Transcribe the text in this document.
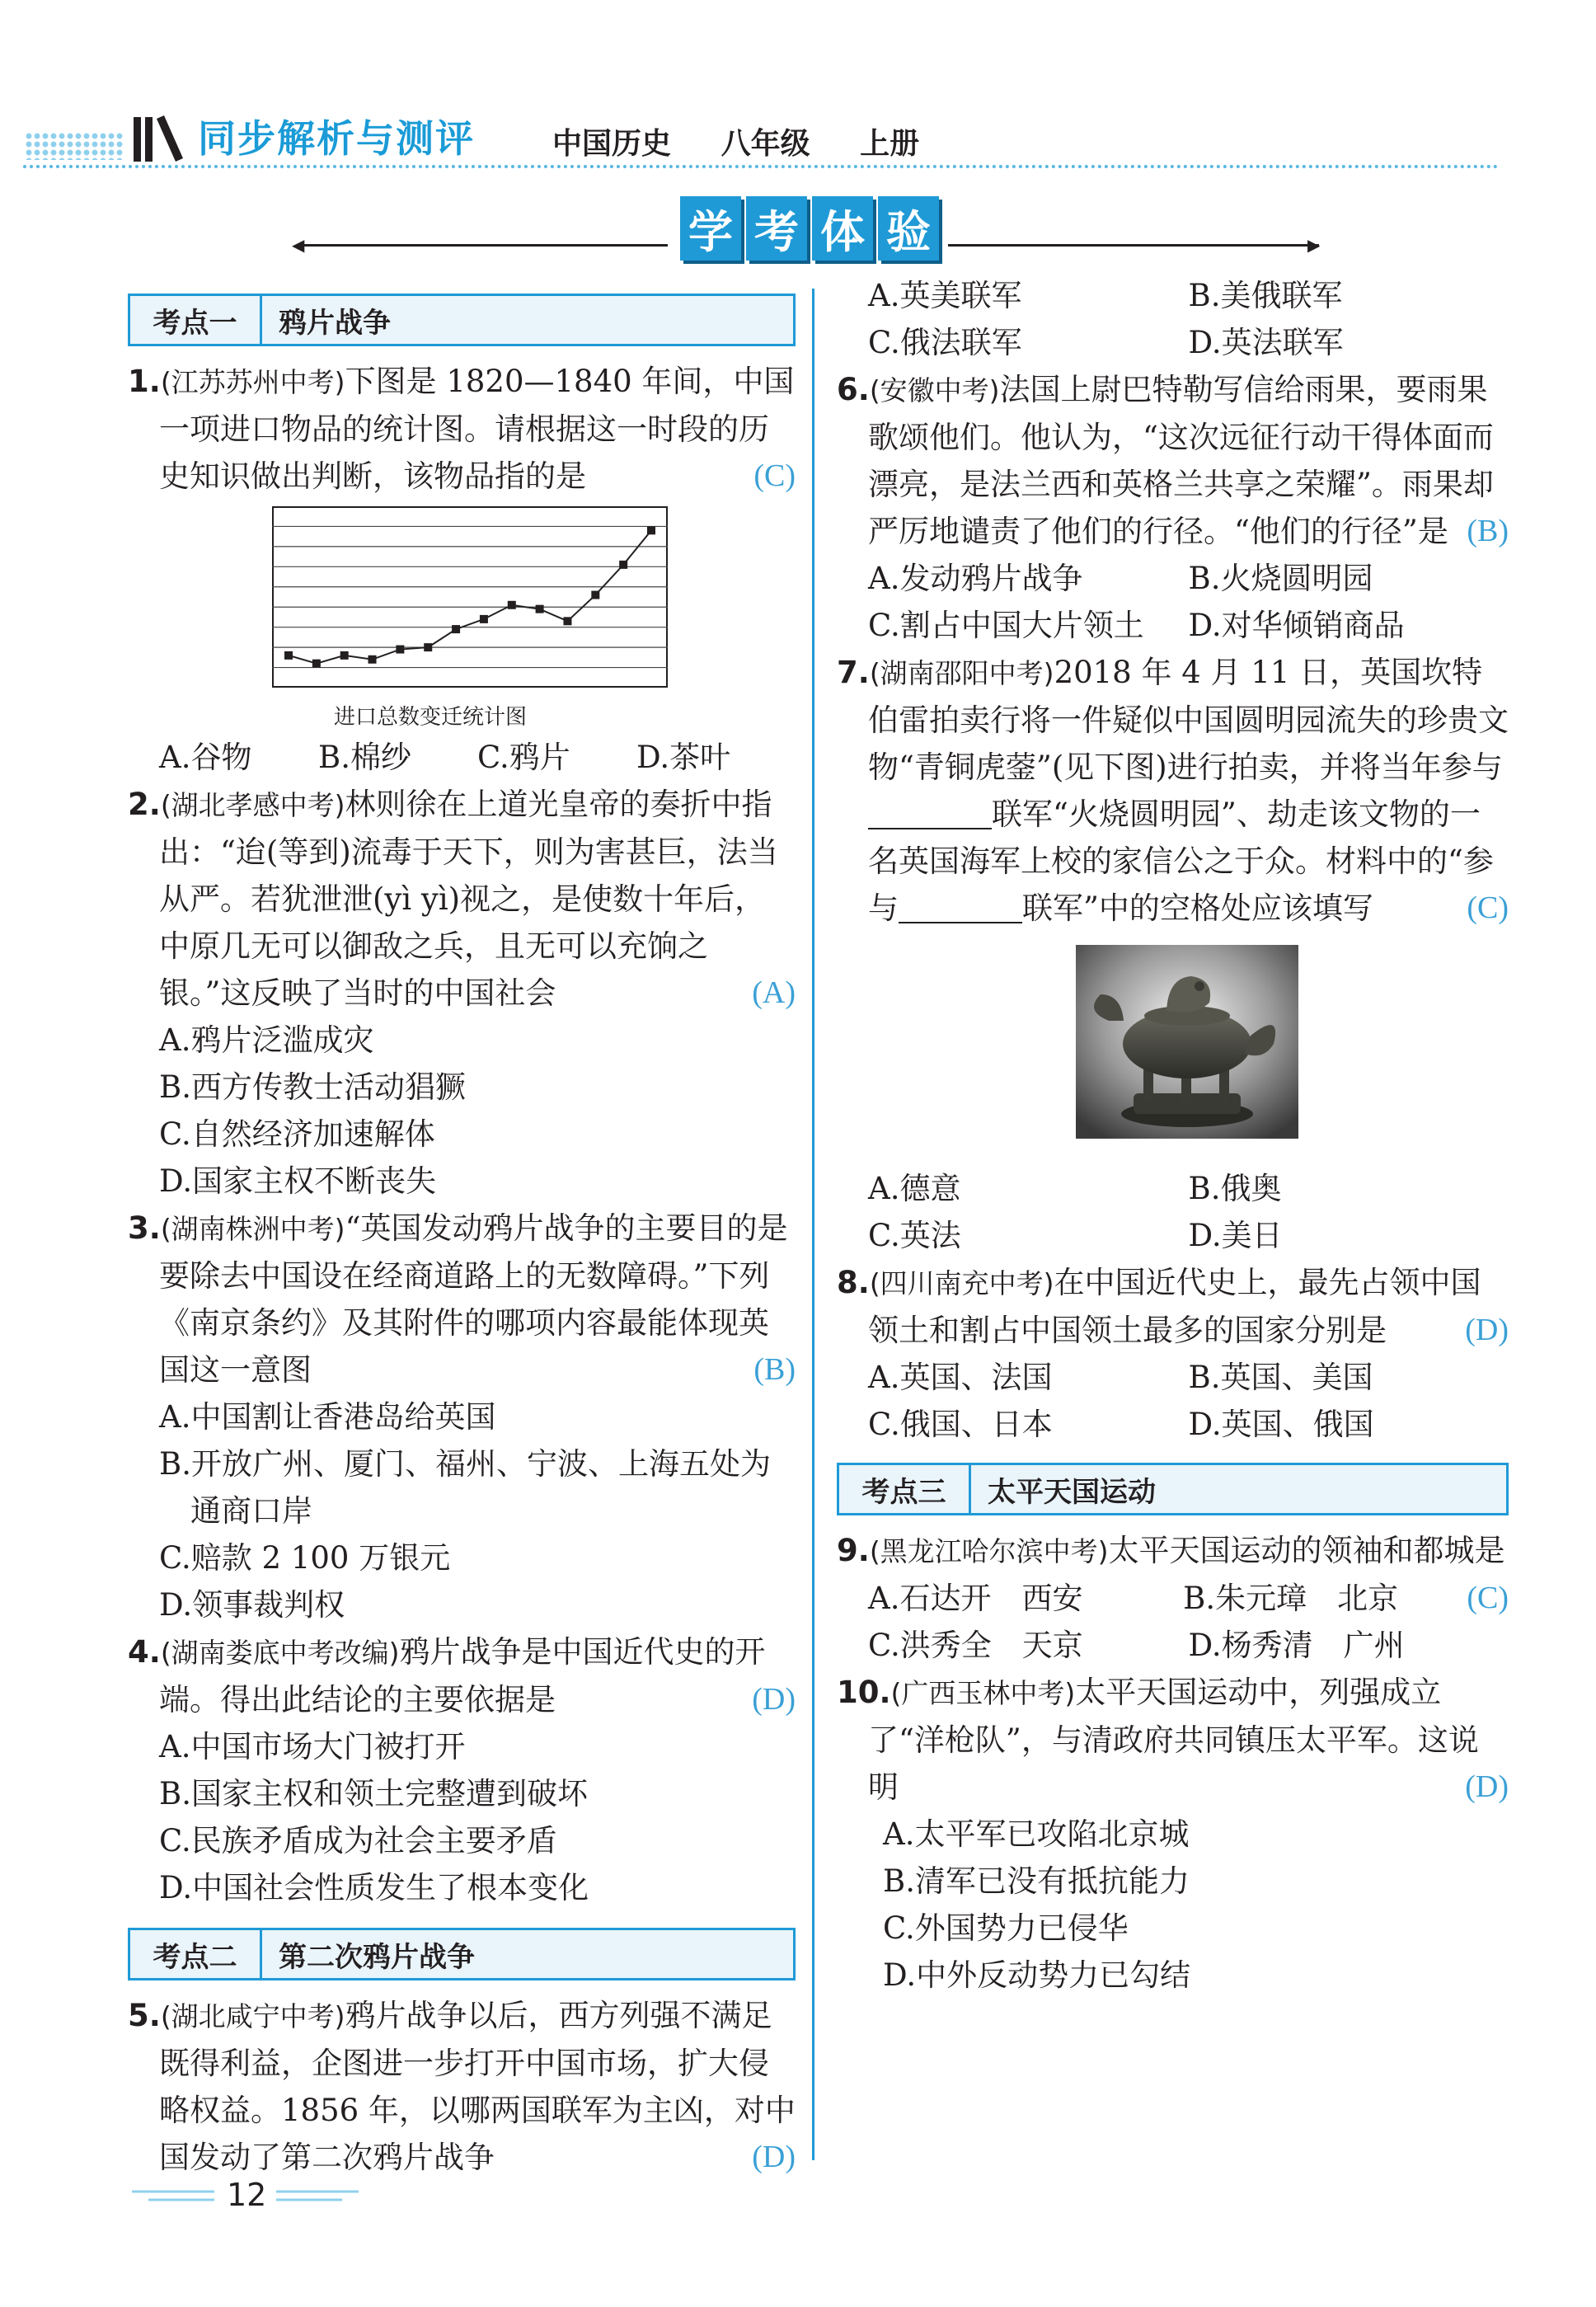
同步解析与测评	中国历史 八年级 上册
◀	学 考 体 验	▶
考点一	鸦片战争
1.(江苏苏州中考)下图是 1820—1840 年间，中国一项进口物品的统计图。请根据这一时段的历史知识做出判断，该物品指的是	(C)
进口总数变迁统计图
A.谷物	B.棉纱	C.鸦片	D.茶叶
2.(湖北孝感中考)林则徐在上道光皇帝的奏折中指出：“迨(等到)流毒于天下，则为害甚巨，法当从严。若犹泄泄(yì yì)视之，是使数十年后，中原几无可以御敌之兵，且无可以充饷之银。”这反映了当时的中国社会	(A)
A.鸦片泛滥成灾
B.西方传教士活动猖獗
C.自然经济加速解体
D.国家主权不断丧失
3.(湖南株洲中考)“英国发动鸦片战争的主要目的是要除去中国设在经商道路上的无数障碍。”下列《南京条约》及其附件的哪项内容最能体现英国这一意图	(B)
A.中国割让香港岛给英国
B.开放广州、厦门、福州、宁波、上海五处为通商口岸
C.赔款 2 100 万银元
D.领事裁判权
4.(湖南娄底中考改编)鸦片战争是中国近代史的开端。得出此结论的主要依据是	(D)
A.中国市场大门被打开
B.国家主权和领土完整遭到破坏
C.民族矛盾成为社会主要矛盾
D.中国社会性质发生了根本变化
考点二	第二次鸦片战争
5.(湖北咸宁中考)鸦片战争以后，西方列强不满足既得利益，企图进一步打开中国市场，扩大侵略权益。1856 年，以哪两国联军为主凶，对中国发动了第二次鸦片战争	(D)
A.英美联军	B.美俄联军
C.俄法联军	D.英法联军
6.(安徽中考)法国上尉巴特勒写信给雨果，要雨果歌颂他们。他认为，“这次远征行动干得体面而漂亮，是法兰西和英格兰共享之荣耀”。雨果却严厉地谴责了他们的行径。“他们的行径”是 (B)
A.发动鸦片战争	B.火烧圆明园
C.割占中国大片领土	D.对华倾销商品
7.(湖南邵阳中考)2018 年 4 月 11 日，英国坎特伯雷拍卖行将一件疑似中国圆明园流失的珍贵文物“青铜虎蓥”(见下图)进行拍卖，并将当年参与联军“火烧圆明园”、劫走该文物的一名英国海军上校的家信公之于众。材料中的“参与	联军”中的空格处应该填写	(C)
A.德意	B.俄奥
C.英法	D.美日
8.(四川南充中考)在中国近代史上，最先占领中国领土和割占中国领土最多的国家分别是	(D)
A.英国、法国	B.英国、美国
C.俄国、日本	D.英国、俄国
考点三	太平天国运动
9.(黑龙江哈尔滨中考)太平天国运动的领袖和都城是
(C)
A.石达开　西安	B.朱元璋　北京
C.洪秀全　天京	D.杨秀清　广州
10.(广西玉林中考)太平天国运动中，列强成立了“洋枪队”，与清政府共同镇压太平军。这说明	(D)
A.太平军已攻陷北京城
B.清军已没有抵抗能力
C.外国势力已侵华
D.中外反动势力已勾结
12
